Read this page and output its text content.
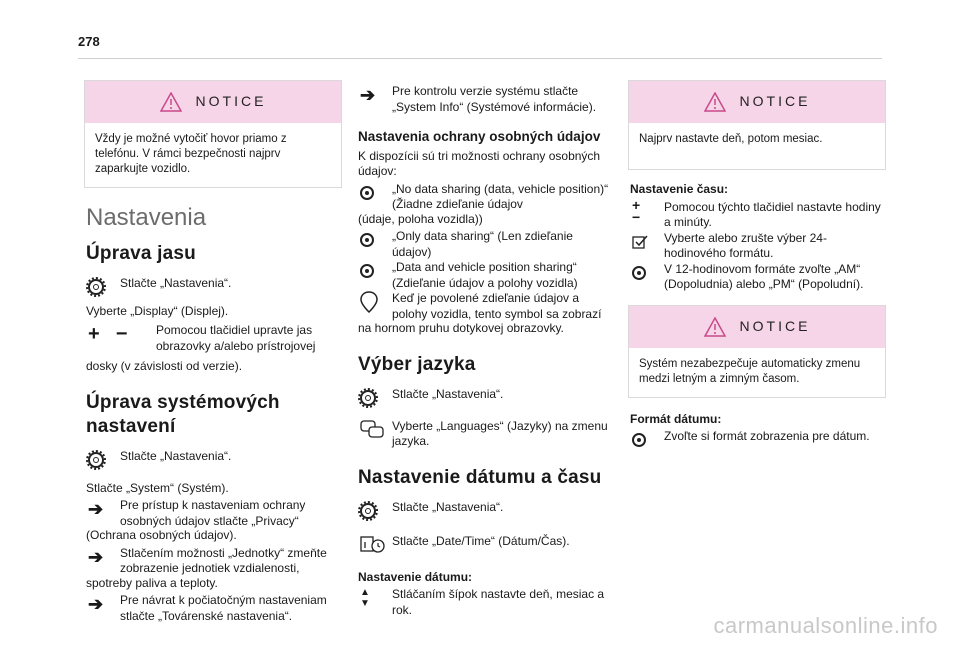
278
NOTICE
Vždy je možné vytočiť hovor priamo z telefónu. V rámci bezpečnosti najprv zaparkujte vozidlo.
Nastavenia
Úprava jasu
Stlačte „Nastavenia“.
Vyberte „Display“ (Displej).
+ − Pomocou tlačidiel upravte jas obrazovky a/alebo prístrojovej
dosky (v závislosti od verzie).
Úprava systémových nastavení
Stlačte „Nastavenia“.
Stlačte „System“ (Systém).
➔ Pre prístup k nastaveniam ochrany osobných údajov stlačte „Privacy“
(Ochrana osobných údajov).
➔ Stlačením možnosti „Jednotky“ zmeňte zobrazenie jednotiek vzdialenosti,
spotreby paliva a teploty.
➔ Pre návrat k počiatočným nastaveniam stlačte „Továrenské nastavenia“.
➔ Pre kontrolu verzie systému stlačte „System Info“ (Systémové informácie).
Nastavenia ochrany osobných údajov
K dispozícii sú tri možnosti ochrany osobných údajov:
„No data sharing (data, vehicle position)“ (Žiadne zdieľanie údajov
(údaje, poloha vozidla))
„Only data sharing“ (Len zdieľanie údajov)
„Data and vehicle position sharing“ (Zdieľanie údajov a polohy vozidla)
Keď je povolené zdieľanie údajov a polohy vozidla, tento symbol sa zobrazí
na hornom pruhu dotykovej obrazovky.
Výber jazyka
Stlačte „Nastavenia“.
Vyberte „Languages“ (Jazyky) na zmenu jazyka.
Nastavenie dátumu a času
Stlačte „Nastavenia“.
Stlačte „Date/Time“ (Dátum/Čas).
Nastavenie dátumu:
▲
▼
Stláčaním šípok nastavte deň, mesiac a rok.
NOTICE
Najprv nastavte deň, potom mesiac.
Nastavenie času:
+
−
Pomocou týchto tlačidiel nastavte hodiny a minúty.
Vyberte alebo zrušte výber 24-hodinového formátu.
V 12-hodinovom formáte zvoľte „AM“ (Dopoludnia) alebo „PM“ (Popoludní).
NOTICE
Systém nezabezpečuje automaticky zmenu medzi letným a zimným časom.
Formát dátumu:
Zvoľte si formát zobrazenia pre dátum.
carmanualsonline.info
